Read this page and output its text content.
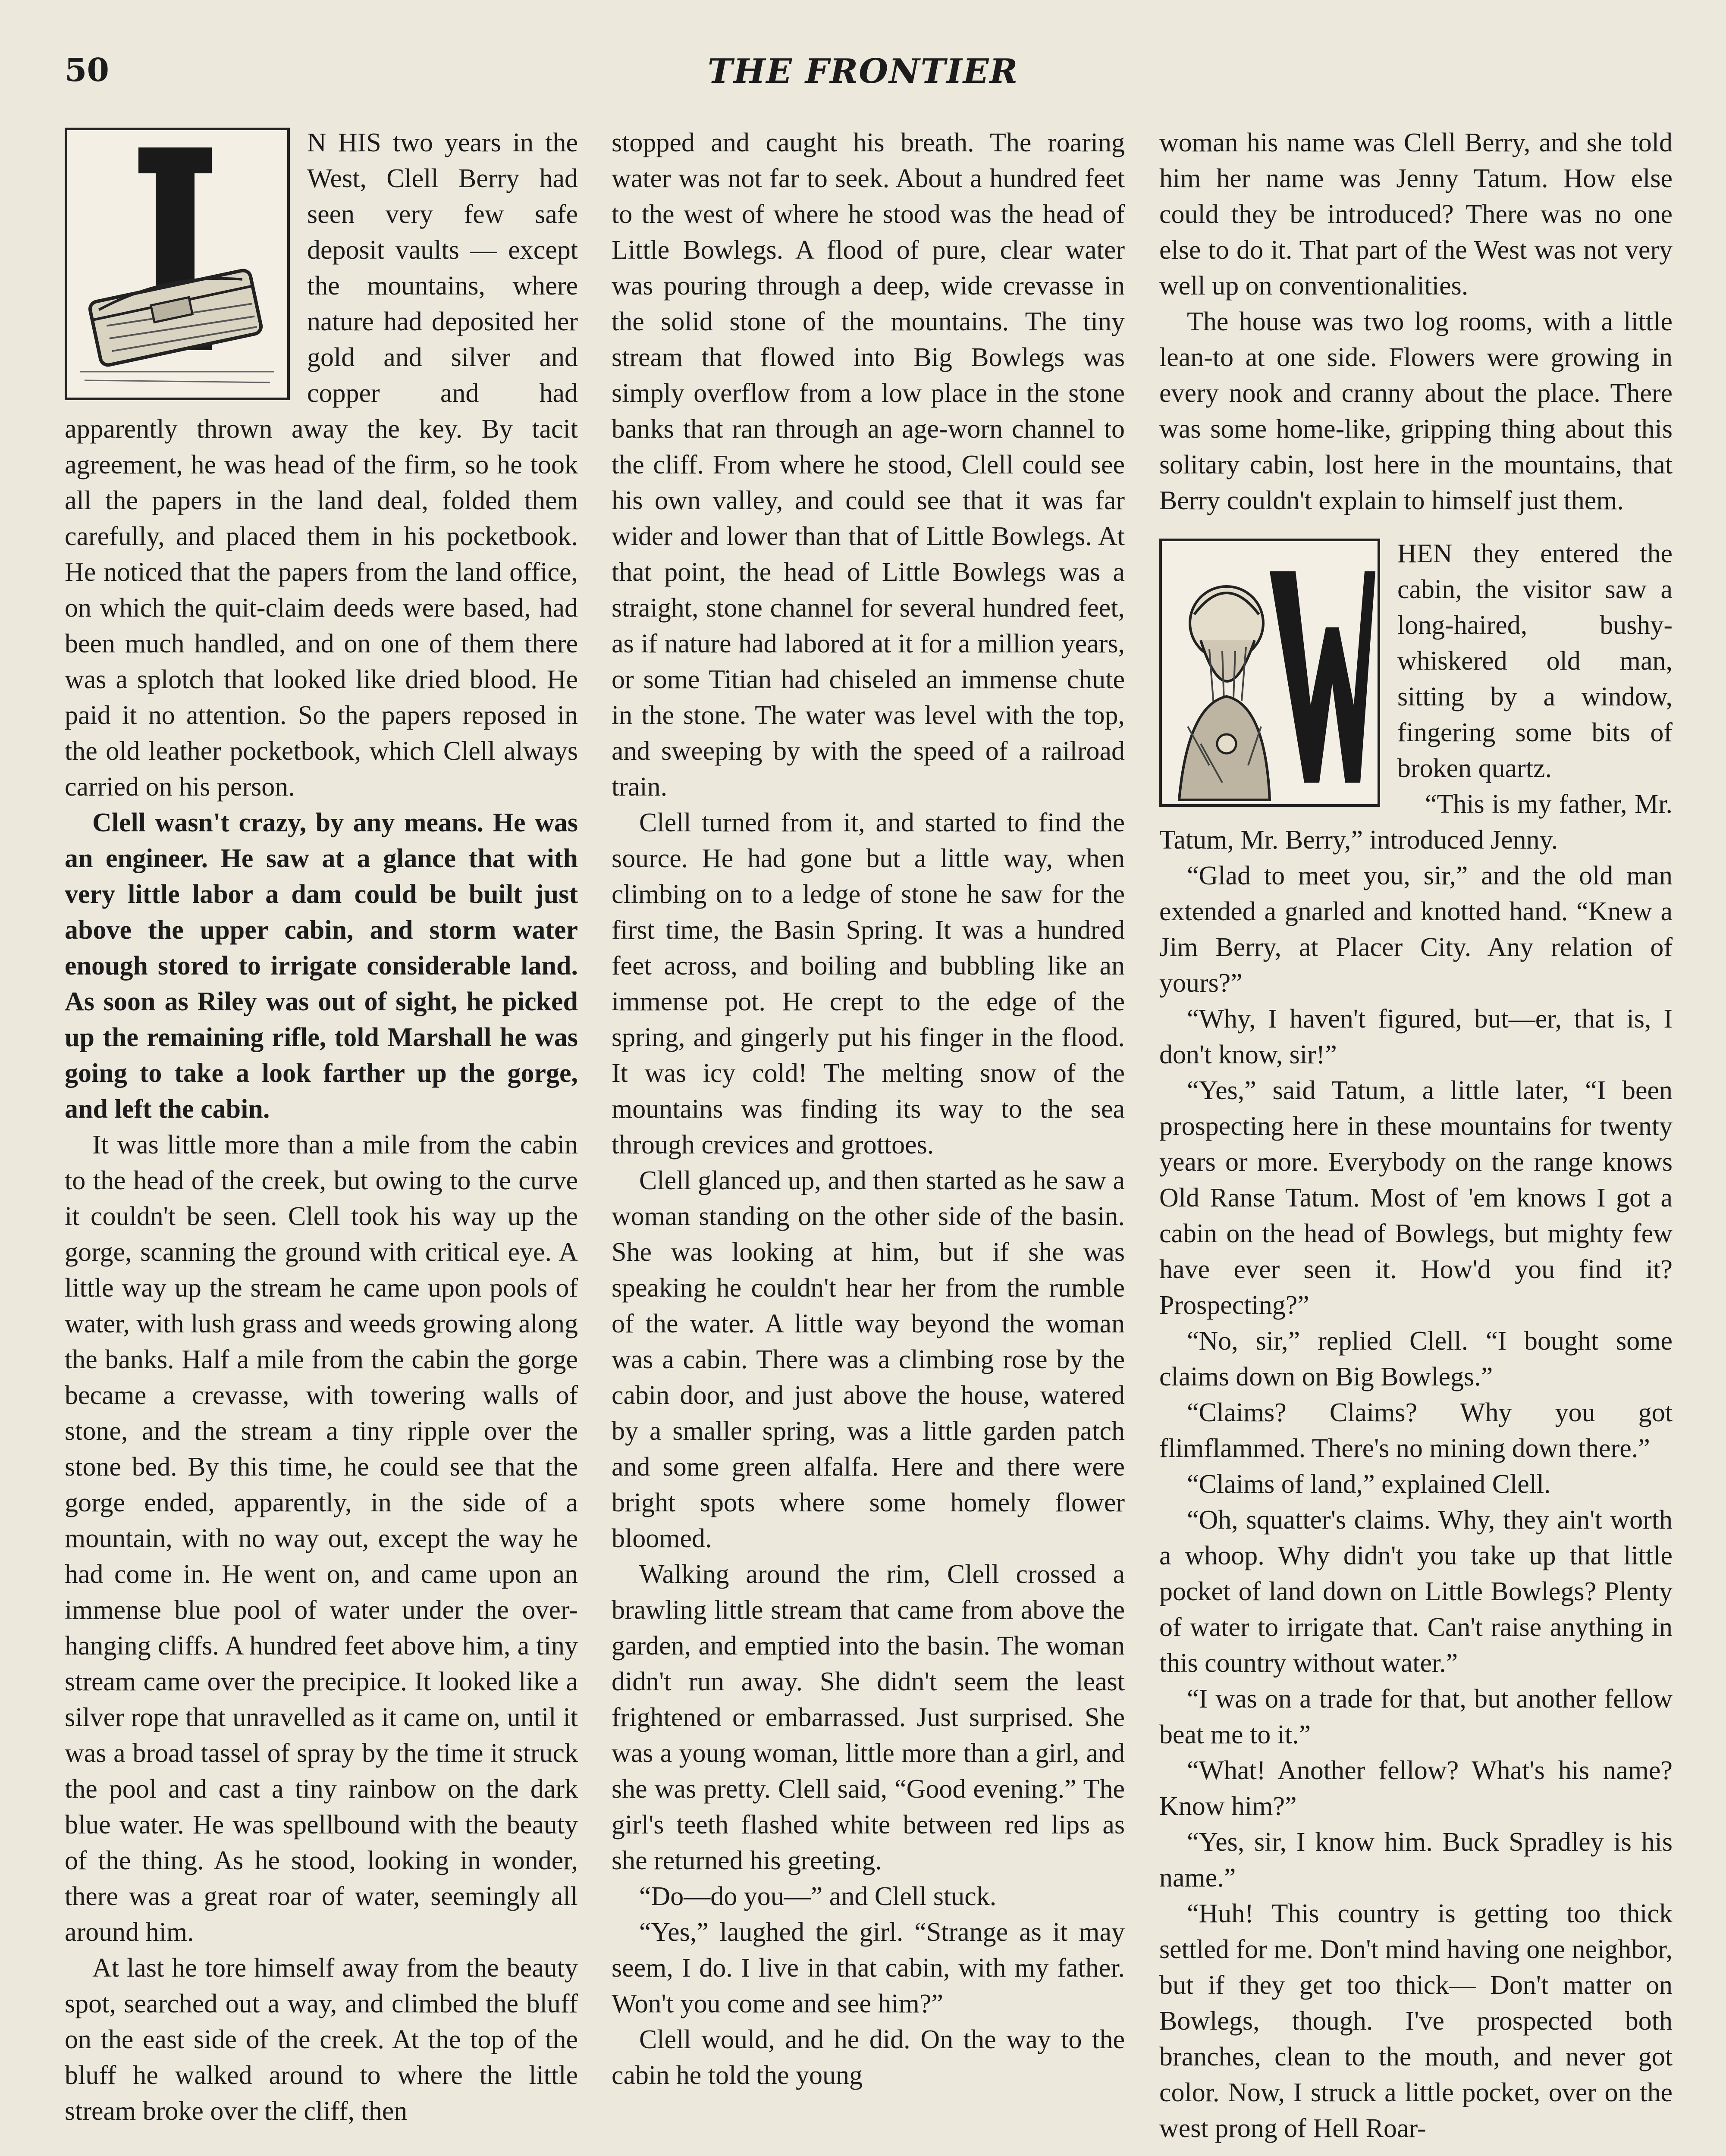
50	THE FRONTIER
I

N HIS two years in the West, Clell Berry had seen very few safe deposit vaults — except the mountains, where nature had deposited her gold and silver and copper and had apparently thrown away the key. By tacit agreement, he was head of the firm, so he took all the papers in the land deal, folded them carefully, and placed them in his pocketbook. He noticed that the papers from the land office, on which the quit-claim deeds were based, had been much handled, and on one of them there was a splotch that looked like dried blood. He paid it no attention. So the papers reposed in the old leather pocketbook, which Clell always carried on his person.

Clell wasn't crazy, by any means. He was an engineer. He saw at a glance that with very little labor a dam could be built just above the upper cabin, and storm water enough stored to irrigate considerable land. As soon as Riley was out of sight, he picked up the remaining rifle, told Marshall he was going to take a look farther up the gorge, and left the cabin.

It was little more than a mile from the cabin to the head of the creek, but owing to the curve it couldn't be seen. Clell took his way up the gorge, scanning the ground with critical eye. A little way up the stream he came upon pools of water, with lush grass and weeds growing along the banks. Half a mile from the cabin the gorge became a crevasse, with towering walls of stone, and the stream a tiny ripple over the stone bed. By this time, he could see that the gorge ended, apparently, in the side of a mountain, with no way out, except the way he had come in. He went on, and came upon an immense blue pool of water under the over-hanging cliffs. A hundred feet above him, a tiny stream came over the precipice. It looked like a silver rope that unravelled as it came on, until it was a broad tassel of spray by the time it struck the pool and cast a tiny rainbow on the dark blue water. He was spellbound with the beauty of the thing. As he stood, looking in wonder, there was a great roar of water, seemingly all around him.

At last he tore himself away from the beauty spot, searched out a way, and climbed the bluff on the east side of the creek. At the top of the bluff he walked around to where the little stream broke over the cliff, then

stopped and caught his breath. The roaring water was not far to seek. About a hundred feet to the west of where he stood was the head of Little Bowlegs. A flood of pure, clear water was pouring through a deep, wide crevasse in the solid stone of the mountains. The tiny stream that flowed into Big Bowlegs was simply overflow from a low place in the stone banks that ran through an age-worn channel to the cliff. From where he stood, Clell could see his own valley, and could see that it was far wider and lower than that of Little Bowlegs. At that point, the head of Little Bowlegs was a straight, stone channel for several hundred feet, as if nature had labored at it for a million years, or some Titian had chiseled an immense chute in the stone. The water was level with the top, and sweeping by with the speed of a railroad train.

Clell turned from it, and started to find the source. He had gone but a little way, when climbing on to a ledge of stone he saw for the first time, the Basin Spring. It was a hundred feet across, and boiling and bubbling like an immense pot. He crept to the edge of the spring, and gingerly put his finger in the flood. It was icy cold! The melting snow of the mountains was finding its way to the sea through crevices and grottoes.

Clell glanced up, and then started as he saw a woman standing on the other side of the basin. She was looking at him, but if she was speaking he couldn't hear her from the rumble of the water. A little way beyond the woman was a cabin. There was a climbing rose by the cabin door, and just above the house, watered by a smaller spring, was a little garden patch and some green alfalfa. Here and there were bright spots where some homely flower bloomed.

Walking around the rim, Clell crossed a brawling little stream that came from above the garden, and emptied into the basin. The woman didn't run away. She didn't seem the least frightened or embarrassed. Just surprised. She was a young woman, little more than a girl, and she was pretty. Clell said, “Good evening.” The girl's teeth flashed white between red lips as she returned his greeting.

“Do—do you—” and Clell stuck.

“Yes,” laughed the girl. “Strange as it may seem, I do. I live in that cabin, with my father. Won't you come and see him?”

Clell would, and he did. On the way to the cabin he told the young

woman his name was Clell Berry, and she told him her name was Jenny Tatum. How else could they be introduced? There was no one else to do it. That part of the West was not very well up on conventionalities.

The house was two log rooms, with a little lean-to at one side. Flowers were growing in every nook and cranny about the place. There was some home-like, gripping thing about this solitary cabin, lost here in the mountains, that Berry couldn't explain to himself just them.

W

HEN they entered the cabin, the visitor saw a long-haired, bushy-whiskered old man, sitting by a window, fingering some bits of broken quartz.

“This is my father, Mr. Tatum, Mr. Berry,” introduced Jenny.

“Glad to meet you, sir,” and the old man extended a gnarled and knotted hand. “Knew a Jim Berry, at Placer City. Any relation of yours?”

“Why, I haven't figured, but—er, that is, I don't know, sir!”

“Yes,” said Tatum, a little later, “I been prospecting here in these mountains for twenty years or more. Everybody on the range knows Old Ranse Tatum. Most of 'em knows I got a cabin on the head of Bowlegs, but mighty few have ever seen it. How'd you find it? Prospecting?”

“No, sir,” replied Clell. “I bought some claims down on Big Bowlegs.”

“Claims? Claims? Why you got flimflammed. There's no mining down there.”

“Claims of land,” explained Clell.

“Oh, squatter's claims. Why, they ain't worth a whoop. Why didn't you take up that little pocket of land down on Little Bowlegs? Plenty of water to irrigate that. Can't raise anything in this country without water.”

“I was on a trade for that, but another fellow beat me to it.”

“What! Another fellow? What's his name? Know him?”

“Yes, sir, I know him. Buck Spradley is his name.”

“Huh! This country is getting too thick settled for me. Don't mind having one neighbor, but if they get too thick— Don't matter on Bowlegs, though. I've prospected both branches, clean to the mouth, and never got color. Now, I struck a little pocket, over on the west prong of Hell Roar-
